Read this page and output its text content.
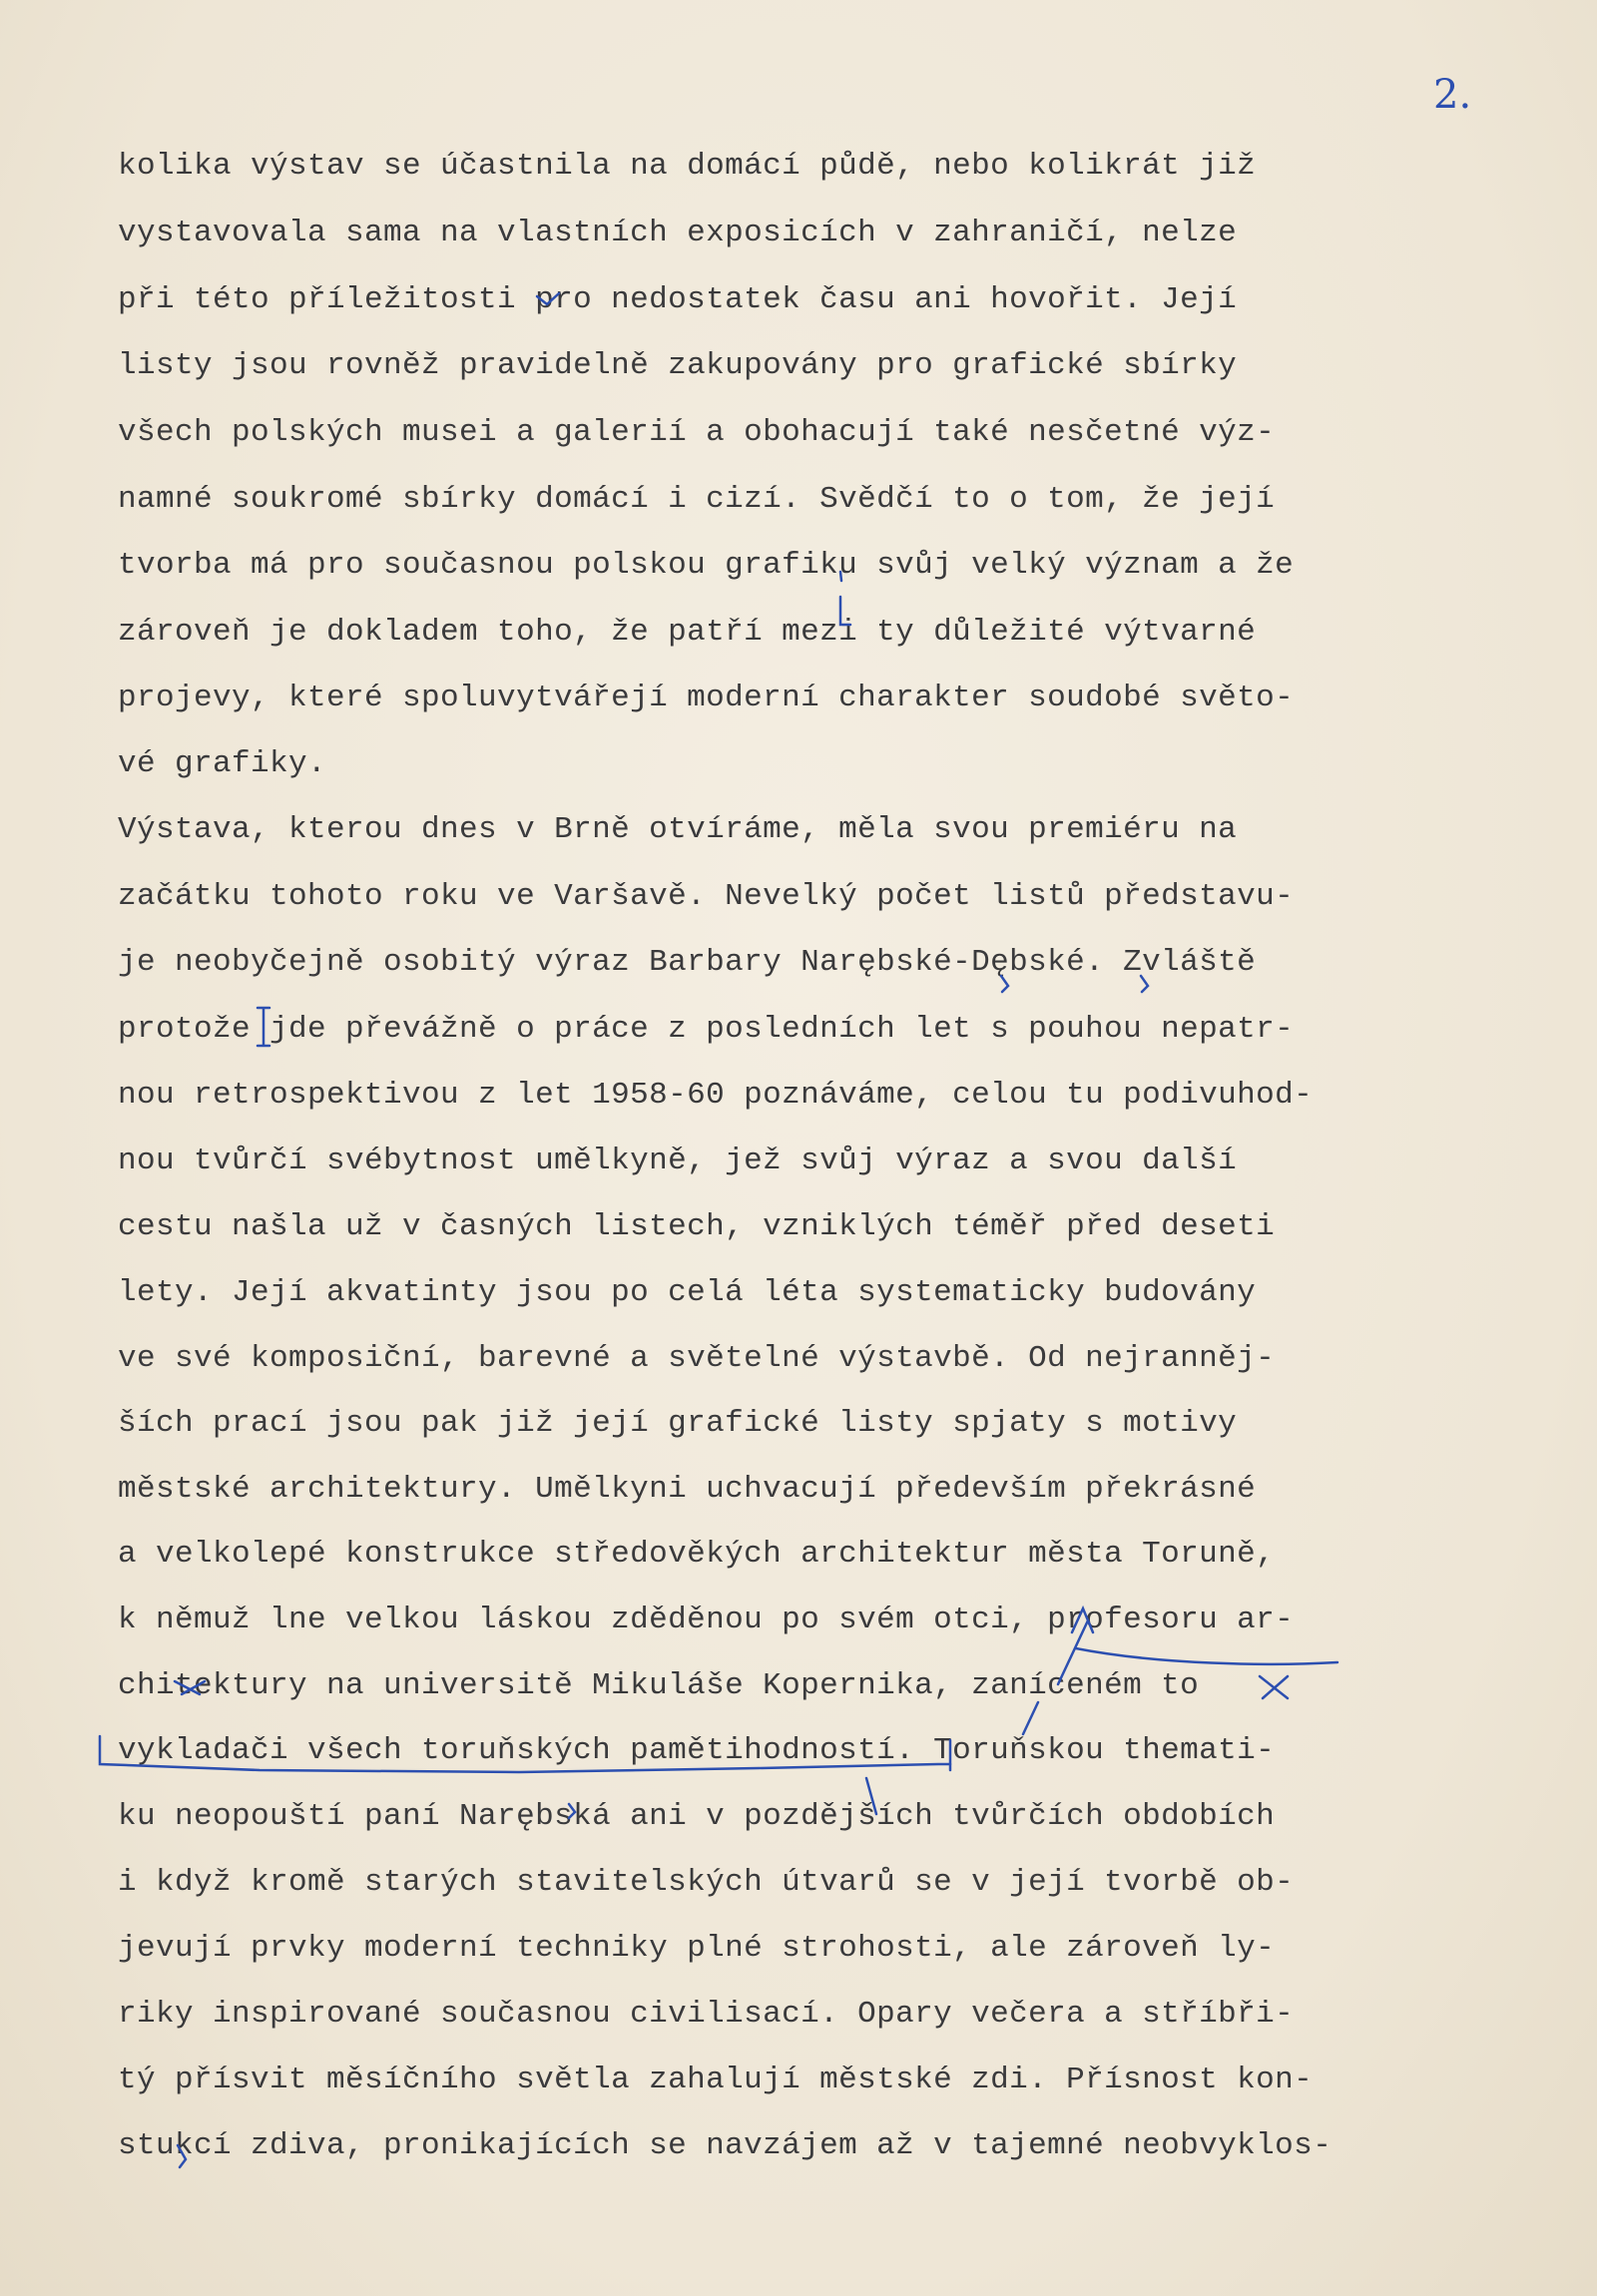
2.
kolika výstav se účastnila na domácí půdě, nebo kolikrát již
vystavovala sama na vlastních exposicích v zahraničí, nelze
při této příležitosti pro nedostatek času ani hovořit. Její
listy jsou rovněž pravidelně zakupovány pro grafické sbírky
všech polských musei a galerií a obohacují také nesčetné výz-
namné soukromé sbírky domácí i cizí. Svědčí to o tom, že její
tvorba má pro současnou polskou grafiku svůj velký význam a že
zároveň je dokladem toho, že patří mezi ty důležité výtvarné
projevy, které spoluvytvářejí moderní charakter soudobé světo-
vé grafiky.
Výstava, kterou dnes v Brně otvíráme, měla svou premiéru na
začátku tohoto roku ve Varšavě. Nevelký počet listů představu-
je neobyčejně osobitý výraz Barbary Narębské-Dębské. Zvláště
protože jde převážně o práce z posledních let s pouhou nepatr-
nou retrospektivou z let 1958-60 poznáváme, celou tu podivuhod-
nou tvůrčí svébytnost umělkyně, jež svůj výraz a svou další
cestu našla už v časných listech, vzniklých téměř před deseti
lety. Její akvatinty jsou po celá léta systematicky budovány
ve své komposiční, barevné a světelné výstavbě. Od nejranněj-
ších prací jsou pak již její grafické listy spjaty s motivy
městské architektury. Umělkyni uchvacují především překrásné
a velkolepé konstrukce středověkých architektur města Toruně,
k němuž lne velkou láskou zděděnou po svém otci, profesoru ar-
chitektury na universitě Mikuláše Kopernika, zaníceném to
vykladači všech toruňských pamětihodností. Toruňskou themati-
ku neopouští paní Narębská ani v pozdějších tvůrčích obdobích
i když kromě starých stavitelských útvarů se v její tvorbě ob-
jevují prvky moderní techniky plné strohosti, ale zároveň ly-
riky inspirované současnou civilisací. Opary večera a stříbři-
tý přísvit měsíčního světla zahalují městské zdi. Přísnost kon-
stukcí zdiva, pronikajících se navzájem až v tajemné neobvyklos-
